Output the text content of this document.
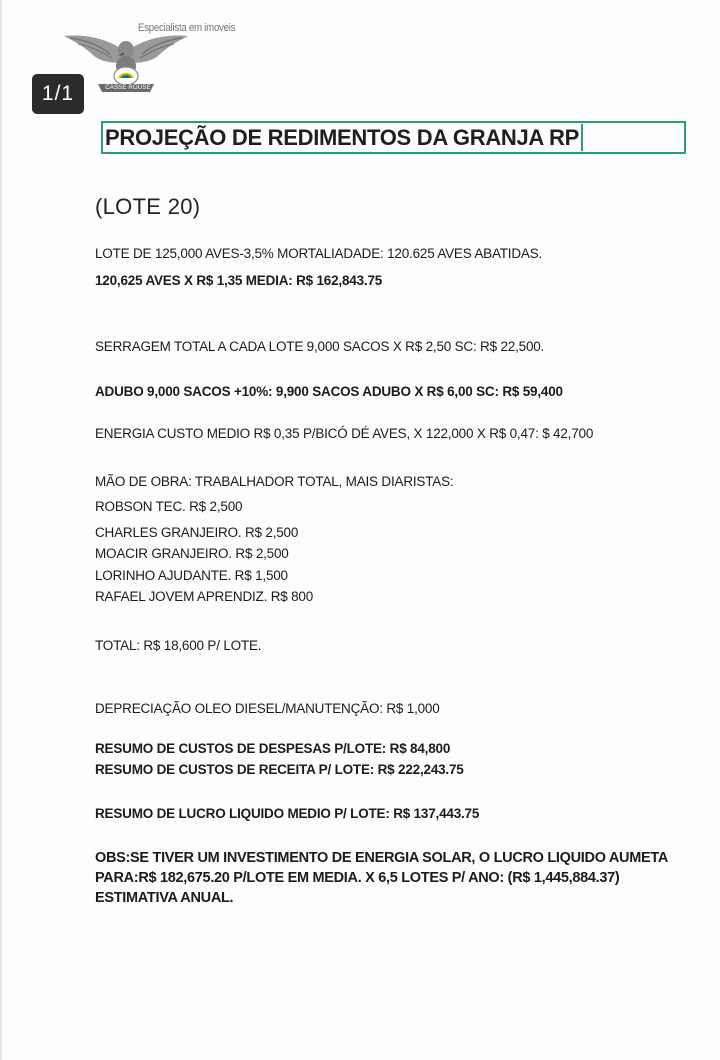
Especialista em imoveis
CASSE ROUSE
1/1
PROJEÇÃO DE REDIMENTOS DA GRANJA RP
(LOTE 20)
LOTE DE 125,000 AVES-3,5% MORTALIADADE: 120.625 AVES ABATIDAS.
120,625 AVES X R$ 1,35 MEDIA: R$ 162,843.75
SERRAGEM TOTAL A CADA LOTE 9,000 SACOS X R$ 2,50 SC: R$ 22,500.
ADUBO 9,000 SACOS +10%: 9,900 SACOS ADUBO X R$ 6,00 SC: R$ 59,400
ENERGIA CUSTO MEDIO R$ 0,35 P/BICÓ DÉ AVES, X 122,000 X R$ 0,47: $ 42,700
MÃO DE OBRA: TRABALHADOR TOTAL, MAIS DIARISTAS:
ROBSON TEC. R$ 2,500
CHARLES GRANJEIRO. R$ 2,500
MOACIR GRANJEIRO. R$ 2,500
LORINHO AJUDANTE. R$ 1,500
RAFAEL JOVEM APRENDIZ. R$ 800
TOTAL: R$ 18,600 P/ LOTE.
DEPRECIAÇÃO OLEO DIESEL/MANUTENÇÃO: R$ 1,000
RESUMO DE CUSTOS DE DESPESAS P/LOTE: R$ 84,800
RESUMO DE CUSTOS DE RECEITA P/ LOTE: R$ 222,243.75
RESUMO DE LUCRO LIQUIDO MEDIO P/ LOTE: R$ 137,443.75
OBS:SE TIVER UM INVESTIMENTO DE ENERGIA SOLAR, O LUCRO LIQUIDO AUMETA PARA:R$ 182,675.20 P/LOTE EM MEDIA. X 6,5 LOTES P/ ANO: (R$ 1,445,884.37) ESTIMATIVA ANUAL.
